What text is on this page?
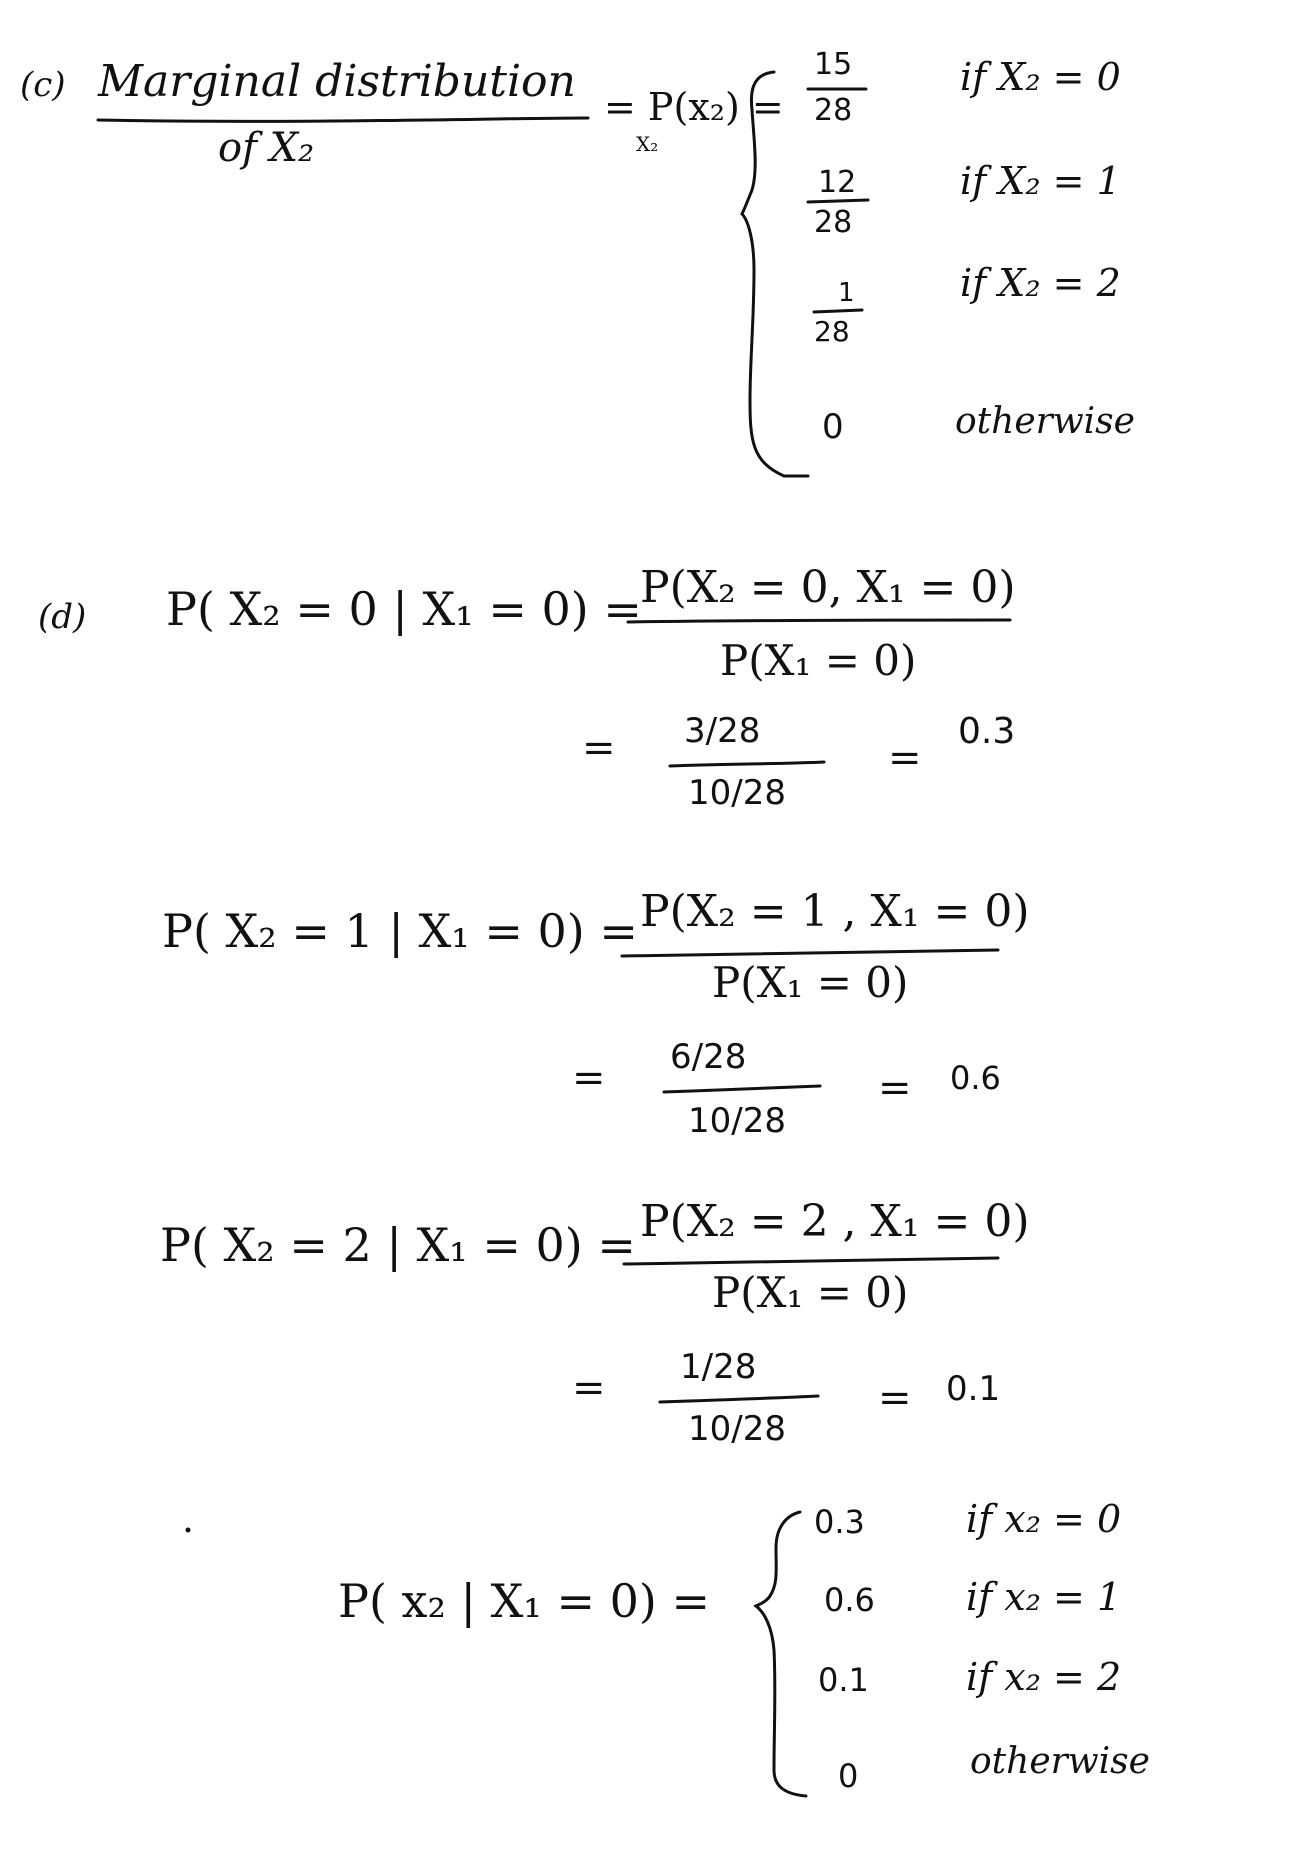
(c) Marginal distribution
of X₂
= P(x₂) =
X₂
15
28
if X₂ = 0
12
28
if X₂ = 1
1
28
if X₂ = 2
0	otherwise
(d) P( X₂ = 0 | X₁ = 0) =
P(X₂ = 0, X₁ = 0)
P(X₁ = 0)
= 3/28
10/28
=
0.3
P( X₂ = 1 | X₁ = 0) = P(X₂ = 1 , X₁ = 0)
P(X₁ = 0)
= 6/28
10/28
= 0.6
P( X₂ = 2 | X₁ = 0) = P(X₂ = 2 , X₁ = 0)
P(X₁ = 0)
= 1/28
10/28
= 0.1
P( x₂ | X₁ = 0) =
0.3	if x₂ = 0
0.6 if x₂ = 1
0.1	if x₂ = 2
0	otherwise
